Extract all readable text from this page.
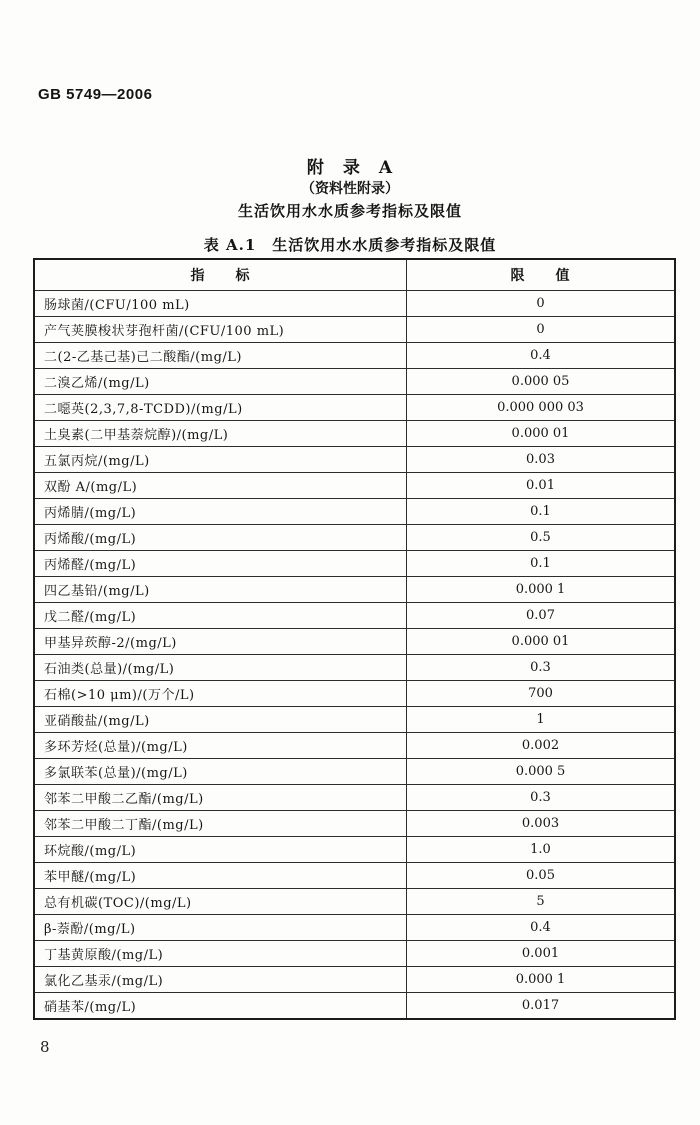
GB 5749—2006
附　录　A
（资料性附录）
生活饮用水水质参考指标及限值
表 A.1　生活饮用水水质参考指标及限值
指　　标	限　　值
肠球菌/(CFU/100 mL)	0
产气荚膜梭状芽孢杆菌/(CFU/100 mL)	0
二(2-乙基己基)己二酸酯/(mg/L)	0.4
二溴乙烯/(mg/L)	0.000 05
二噁英(2,3,7,8-TCDD)/(mg/L)	0.000 000 03
土臭素(二甲基萘烷醇)/(mg/L)	0.000 01
五氯丙烷/(mg/L)	0.03
双酚 A/(mg/L)	0.01
丙烯腈/(mg/L)	0.1
丙烯酸/(mg/L)	0.5
丙烯醛/(mg/L)	0.1
四乙基铅/(mg/L)	0.000 1
戊二醛/(mg/L)	0.07
甲基异莰醇-2/(mg/L)	0.000 01
石油类(总量)/(mg/L)	0.3
石棉(>10 μm)/(万个/L)	700
亚硝酸盐/(mg/L)	1
多环芳烃(总量)/(mg/L)	0.002
多氯联苯(总量)/(mg/L)	0.000 5
邻苯二甲酸二乙酯/(mg/L)	0.3
邻苯二甲酸二丁酯/(mg/L)	0.003
环烷酸/(mg/L)	1.0
苯甲醚/(mg/L)	0.05
总有机碳(TOC)/(mg/L)	5
β-萘酚/(mg/L)	0.4
丁基黄原酸/(mg/L)	0.001
氯化乙基汞/(mg/L)	0.000 1
硝基苯/(mg/L)	0.017
8
